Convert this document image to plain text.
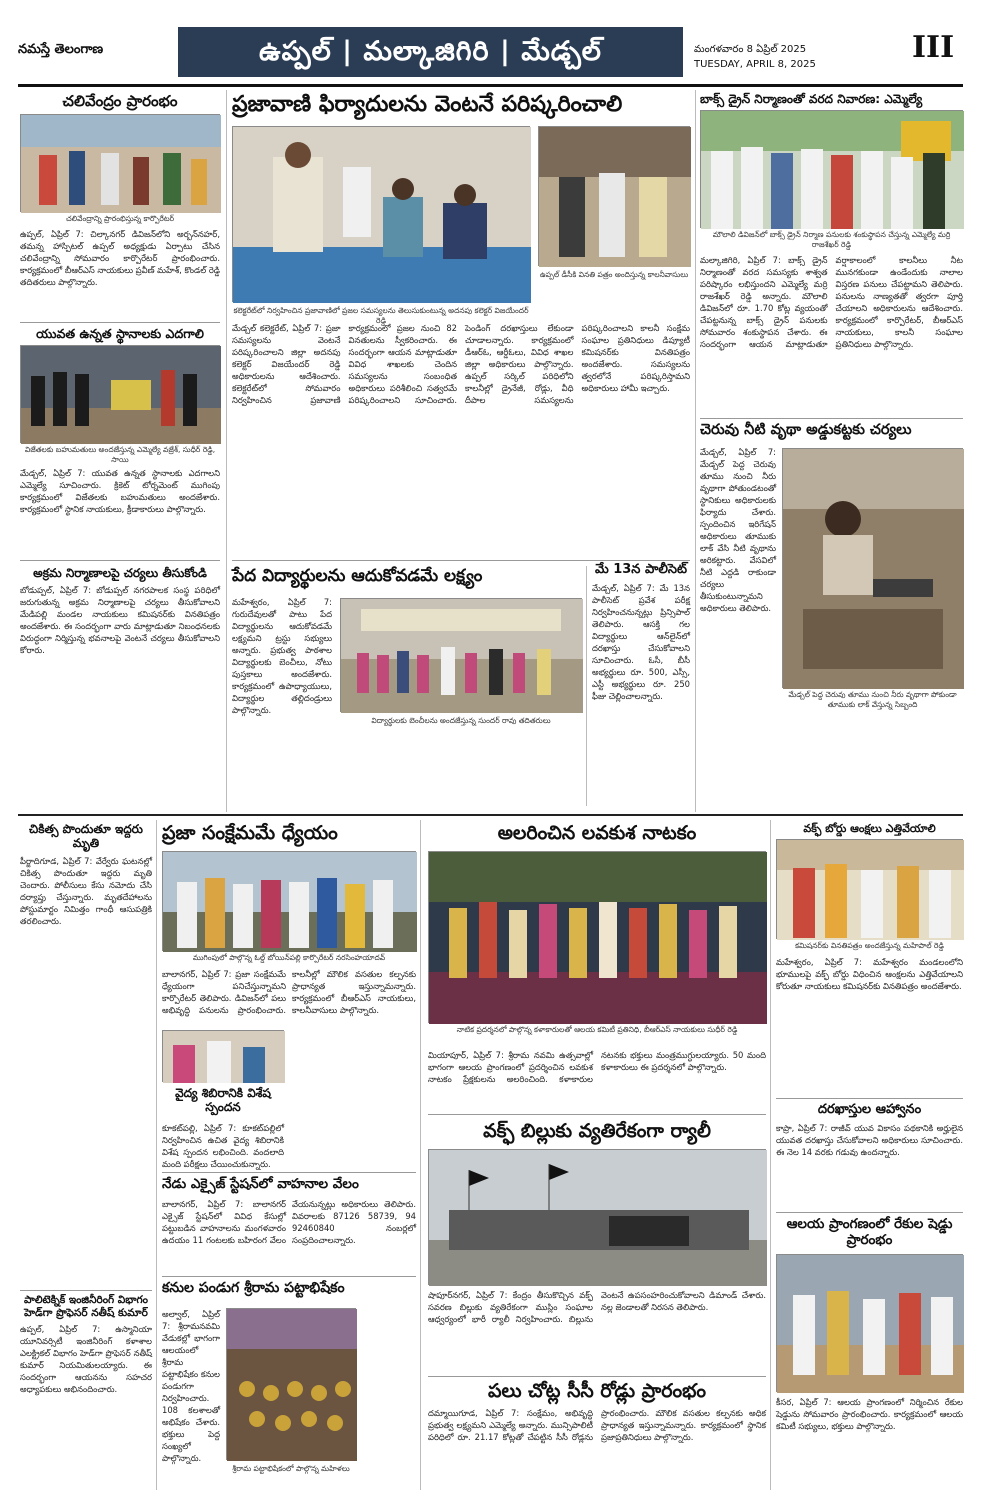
నమస్తే తెలంగాణ	ఉప్పల్ | మల్కాజిగిరి | మేడ్చల్	మంగళవారం 8 ఏప్రిల్ 2025
TUESDAY, APRIL 8, 2025	III
చలివేంద్రం ప్రారంభం
చలివేంద్రాన్ని ప్రారంభిస్తున్న కార్పొరేటర్
ఉప్పల్, ఏప్రిల్ 7: చిల్కానగర్ డివిజన్‌లోని అర్బన్‌నహర్, తమన్న హాస్పిటల్ ఉప్పల్ అధ్యక్షుడు ఏర్పాటు చేసిన చలివేంద్రాన్ని సోమవారం కార్పొరేటర్ ప్రారంభించారు. కార్యక్రమంలో బీఆర్ఎస్ నాయకులు ప్రవీణ్ మహేశ్, కొండల్ రెడ్డి తదితరులు పాల్గొన్నారు.
యువత ఉన్నత స్థానాలకు ఎదగాలి
విజేతలకు బహుమతులు అందజేస్తున్న ఎమ్మెల్యే వజ్రేశ్‌, సుధీర్ రెడ్డి, సాయి
మేడ్చల్, ఏప్రిల్ 7: యువత ఉన్నత స్థానాలకు ఎదగాలని ఎమ్మెల్యే సూచించారు. క్రికెట్ టోర్నమెంట్ ముగింపు కార్యక్రమంలో విజేతలకు బహుమతులు అందజేశారు. కార్యక్రమంలో స్థానిక నాయకులు, క్రీడాకారులు పాల్గొన్నారు.
అక్రమ నిర్మాణాలపై చర్యలు తీసుకోండి
బోడుప్పల్, ఏప్రిల్ 7: బోడుప్పల్ నగరపాలక సంస్థ పరిధిలో జరుగుతున్న అక్రమ నిర్మాణాలపై చర్యలు తీసుకోవాలని మేడిపల్లి మండల నాయకులు కమిషనర్‌కు వినతిపత్రం అందజేశారు. ఈ సందర్భంగా వారు మాట్లాడుతూ నిబంధనలకు విరుద్ధంగా నిర్మిస్తున్న భవనాలపై వెంటనే చర్యలు తీసుకోవాలని కోరారు.
ప్రజావాణి ఫిర్యాదులను వెంటనే పరిష్కరించాలి
ఉప్పల్ డీసీకి వినతి పత్రం అందిస్తున్న కాలనీవాసులు
కలెక్టరేట్‌లో నిర్వహించిన ప్రజావాణిలో ప్రజల సమస్యలను తెలుసుకుంటున్న అదనపు కలెక్టర్ విజయేందర్ రెడ్డి
మేడ్చల్ కలెక్టరేట్, ఏప్రిల్ 7: ప్రజా సమస్యలను వెంటనే పరిష్కరించాలని జిల్లా అదనపు కలెక్టర్ విజయేందర్ రెడ్డి అధికారులను ఆదేశించారు. కలెక్టరేట్‌లో సోమవారం నిర్వహించిన ప్రజావాణి కార్యక్రమంలో ప్రజల నుంచి 82 వినతులను స్వీకరించారు. ఈ సందర్భంగా ఆయన మాట్లాడుతూ వివిధ శాఖలకు చెందిన సమస్యలను సంబంధిత అధికారులు పరిశీలించి సత్వరమే పరిష్కరించాలని సూచించారు. పెండింగ్ దరఖాస్తులు లేకుండా చూడాలన్నారు. కార్యక్రమంలో డీఆర్ఓ, ఆర్డీఓలు, వివిధ శాఖల జిల్లా అధికారులు పాల్గొన్నారు. ఉప్పల్ సర్కిల్ పరిధిలోని కాలనీల్లో డ్రైనేజీ, రోడ్లు, వీధి దీపాల సమస్యలను పరిష్కరించాలని కాలనీ సంక్షేమ సంఘాల ప్రతినిధులు డిప్యూటీ కమిషనర్‌కు వినతిపత్రం అందజేశారు. సమస్యలను త్వరలోనే పరిష్కరిస్తామని అధికారులు హామీ ఇచ్చారు.
బాక్స్ డ్రైన్ నిర్మాణంతో వరద నివారణ: ఎమ్మెల్యే
మౌలాలి డివిజన్‌లో బాక్స్ డ్రైన్ నిర్మాణ పనులకు శంకుస్థాపన చేస్తున్న ఎమ్మెల్యే మర్రి రాజశేఖర్ రెడ్డి
మల్కాజిగిరి, ఏప్రిల్ 7: బాక్స్ డ్రైన్ నిర్మాణంతో వరద సమస్యకు శాశ్వత పరిష్కారం లభిస్తుందని ఎమ్మెల్యే మర్రి రాజశేఖర్ రెడ్డి అన్నారు. మౌలాలి డివిజన్‌లో రూ. 1.70 కోట్ల వ్యయంతో చేపట్టనున్న బాక్స్ డ్రైన్ పనులకు సోమవారం శంకుస్థాపన చేశారు. ఈ సందర్భంగా ఆయన మాట్లాడుతూ వర్షాకాలంలో కాలనీలు నీట మునగకుండా ఉండేందుకు నాలాల విస్తరణ పనులు చేపట్టామని తెలిపారు. పనులను నాణ్యతతో త్వరగా పూర్తి చేయాలని అధికారులను ఆదేశించారు. కార్యక్రమంలో కార్పొరేటర్, బీఆర్ఎస్ నాయకులు, కాలనీ సంఘాల ప్రతినిధులు పాల్గొన్నారు.
చెరువు నీటి వృథా అడ్డుకట్టకు చర్యలు
మేడ్చల్, ఏప్రిల్ 7: మేడ్చల్ పెద్ద చెరువు తూము నుంచి నీరు వృథాగా పోతుండటంతో స్థానికులు అధికారులకు ఫిర్యాదు చేశారు. స్పందించిన ఇరిగేషన్ అధికారులు తూముకు లాక్ వేసి నీటి వృథాను అరికట్టారు. వేసవిలో నీటి ఎద్దడి రాకుండా చర్యలు తీసుకుంటున్నామని అధికారులు తెలిపారు.
మేడ్చల్ పెద్ద చెరువు తూము నుంచి నీరు వృథాగా పోకుండా తూముకు లాక్ వేస్తున్న సిబ్బంది
పేద విద్యార్థులను ఆదుకోవడమే లక్ష్యం
మహేశ్వరం, ఏప్రిల్ 7: గురుదేవులతో పాటు పేద విద్యార్థులను ఆదుకోవడమే లక్ష్యమని ట్రస్టు సభ్యులు అన్నారు. ప్రభుత్వ పాఠశాల విద్యార్థులకు బెంచీలు, నోటు పుస్తకాలు అందజేశారు. కార్యక్రమంలో ఉపాధ్యాయులు, విద్యార్థుల తల్లిదండ్రులు పాల్గొన్నారు.
విద్యార్థులకు బెంచీలను అందజేస్తున్న సుందర్ రావు తదితరులు
మే 13న పాలీసెట్
మేడ్చల్, ఏప్రిల్ 7: మే 13న పాలీసెట్ ప్రవేశ పరీక్ష నిర్వహించనున్నట్లు ప్రిన్సిపాల్ తెలిపారు. ఆసక్తి గల విద్యార్థులు ఆన్‌లైన్‌లో దరఖాస్తు చేసుకోవాలని సూచించారు. ఓసీ, బీసీ అభ్యర్థులు రూ. 500, ఎస్సీ, ఎస్టీ అభ్యర్థులు రూ. 250 ఫీజు చెల్లించాలన్నారు.
చికిత్స పొందుతూ ఇద్దరు మృతి
పీర్జాదిగూడ, ఏప్రిల్ 7: వేర్వేరు ఘటనల్లో చికిత్స పొందుతూ ఇద్దరు మృతి చెందారు. పోలీసులు కేసు నమోదు చేసి దర్యాప్తు చేస్తున్నారు. మృతదేహాలను పోస్టుమార్టం నిమిత్తం గాంధీ ఆసుపత్రికి తరలించారు.
పాలిటెక్నిక్ ఇంజినీరింగ్ విభాగం హెడ్‌గా ప్రొఫెసర్ నతీష్ కుమార్
ఉప్పల్, ఏప్రిల్ 7: ఉస్మానియా యూనివర్సిటీ ఇంజినీరింగ్ కళాశాల ఎలక్ట్రికల్ విభాగం హెడ్‌గా ప్రొఫెసర్ నతీష్ కుమార్ నియమితులయ్యారు. ఈ సందర్భంగా ఆయనను సహచర అధ్యాపకులు అభినందించారు.
ప్రజా సంక్షేమమే ధ్యేయం
ముగింపులో పాల్గొన్న ఓల్డ్ బోయిన్‌పల్లి కార్పొరేటర్ నరసింహయాదవ్
బాలానగర్, ఏప్రిల్ 7: ప్రజా సంక్షేమమే ధ్యేయంగా పనిచేస్తున్నామని కార్పొరేటర్ తెలిపారు. డివిజన్‌లో పలు అభివృద్ధి పనులను ప్రారంభించారు. కాలనీల్లో మౌలిక వసతుల కల్పనకు ప్రాధాన్యత ఇస్తున్నామన్నారు. కార్యక్రమంలో బీఆర్ఎస్ నాయకులు, కాలనీవాసులు పాల్గొన్నారు.
వైద్య శిబిరానికి విశేష స్పందన
కూకట్‌పల్లి, ఏప్రిల్ 7: కూకట్‌పల్లిలో నిర్వహించిన ఉచిత వైద్య శిబిరానికి విశేష స్పందన లభించింది. వందలాది మంది పరీక్షలు చేయించుకున్నారు.
నేడు ఎక్సైజ్ స్టేషన్‌లో వాహనాల వేలం
బాలానగర్, ఏప్రిల్ 7: బాలానగర్ ఎక్సైజ్ స్టేషన్‌లో వివిధ కేసుల్లో పట్టుబడిన వాహనాలను మంగళవారం ఉదయం 11 గంటలకు బహిరంగ వేలం వేయనున్నట్లు అధికారులు తెలిపారు. వివరాలకు 87126 58739, 94 92460840 నంబర్లలో సంప్రదించాలన్నారు.
కనుల పండుగ శ్రీరామ పట్టాభిషేకం
అల్వాల్, ఏప్రిల్ 7: శ్రీరామనవమి వేడుకల్లో భాగంగా ఆలయంలో శ్రీరామ పట్టాభిషేకం కనుల పండుగగా నిర్వహించారు. 108 కలశాలతో అభిషేకం చేశారు. భక్తులు పెద్ద సంఖ్యలో పాల్గొన్నారు.
శ్రీరామ పట్టాభిషేకంలో పాల్గొన్న మహిళలు
అలరించిన లవకుశ నాటకం
నాటిక ప్రదర్శనలో పాల్గొన్న కళాకారులతో ఆలయ కమిటీ ప్రతినిధి, బీఆర్ఎస్ నాయకులు సుధీర్ రెడ్డి
మియాపూర్, ఏప్రిల్ 7: శ్రీరామ నవమి ఉత్సవాల్లో భాగంగా ఆలయ ప్రాంగణంలో ప్రదర్శించిన లవకుశ నాటకం ప్రేక్షకులను అలరించింది. కళాకారుల నటనకు భక్తులు మంత్రముగ్ధులయ్యారు. 50 మంది కళాకారులు ఈ ప్రదర్శనలో పాల్గొన్నారు.
వక్ఫ్ బిల్లుకు వ్యతిరేకంగా ర్యాలీ
షాపూర్‌నగర్, ఏప్రిల్ 7: కేంద్రం తీసుకొచ్చిన వక్ఫ్ సవరణ బిల్లుకు వ్యతిరేకంగా ముస్లిం సంఘాల ఆధ్వర్యంలో భారీ ర్యాలీ నిర్వహించారు. బిల్లును వెంటనే ఉపసంహరించుకోవాలని డిమాండ్ చేశారు. నల్ల జెండాలతో నిరసన తెలిపారు.
పలు చోట్ల సీసీ రోడ్లు ప్రారంభం
దమ్మాయిగూడ, ఏప్రిల్ 7: సంక్షేమం, అభివృద్ధి ప్రభుత్వ లక్ష్యమని ఎమ్మెల్యే అన్నారు. మున్సిపాలిటీ పరిధిలో రూ. 21.17 కోట్లతో చేపట్టిన సీసీ రోడ్లను ప్రారంభించారు. మౌలిక వసతుల కల్పనకు అధిక ప్రాధాన్యత ఇస్తున్నామన్నారు. కార్యక్రమంలో స్థానిక ప్రజాప్రతినిధులు పాల్గొన్నారు.
వక్ఫ్ బోర్డు ఆంక్షలు ఎత్తివేయాలి
కమిషనర్‌కు వినతిపత్రం అందజేస్తున్న మహిపాల్ రెడ్డి
మహేశ్వరం, ఏప్రిల్ 7: మహేశ్వరం మండలంలోని భూములపై వక్ఫ్ బోర్డు విధించిన ఆంక్షలను ఎత్తివేయాలని కోరుతూ నాయకులు కమిషనర్‌కు వినతిపత్రం అందజేశారు.
దరఖాస్తుల ఆహ్వానం
కాప్రా, ఏప్రిల్ 7: రాజీవ్ యువ వికాసం పథకానికి అర్హులైన యువత దరఖాస్తు చేసుకోవాలని అధికారులు సూచించారు. ఈ నెల 14 వరకు గడువు ఉందన్నారు.
ఆలయ ప్రాంగణంలో రేకుల షెడ్డు ప్రారంభం
కీసర, ఏప్రిల్ 7: ఆలయ ప్రాంగణంలో నిర్మించిన రేకుల షెడ్డును సోమవారం ప్రారంభించారు. కార్యక్రమంలో ఆలయ కమిటీ సభ్యులు, భక్తులు పాల్గొన్నారు.
